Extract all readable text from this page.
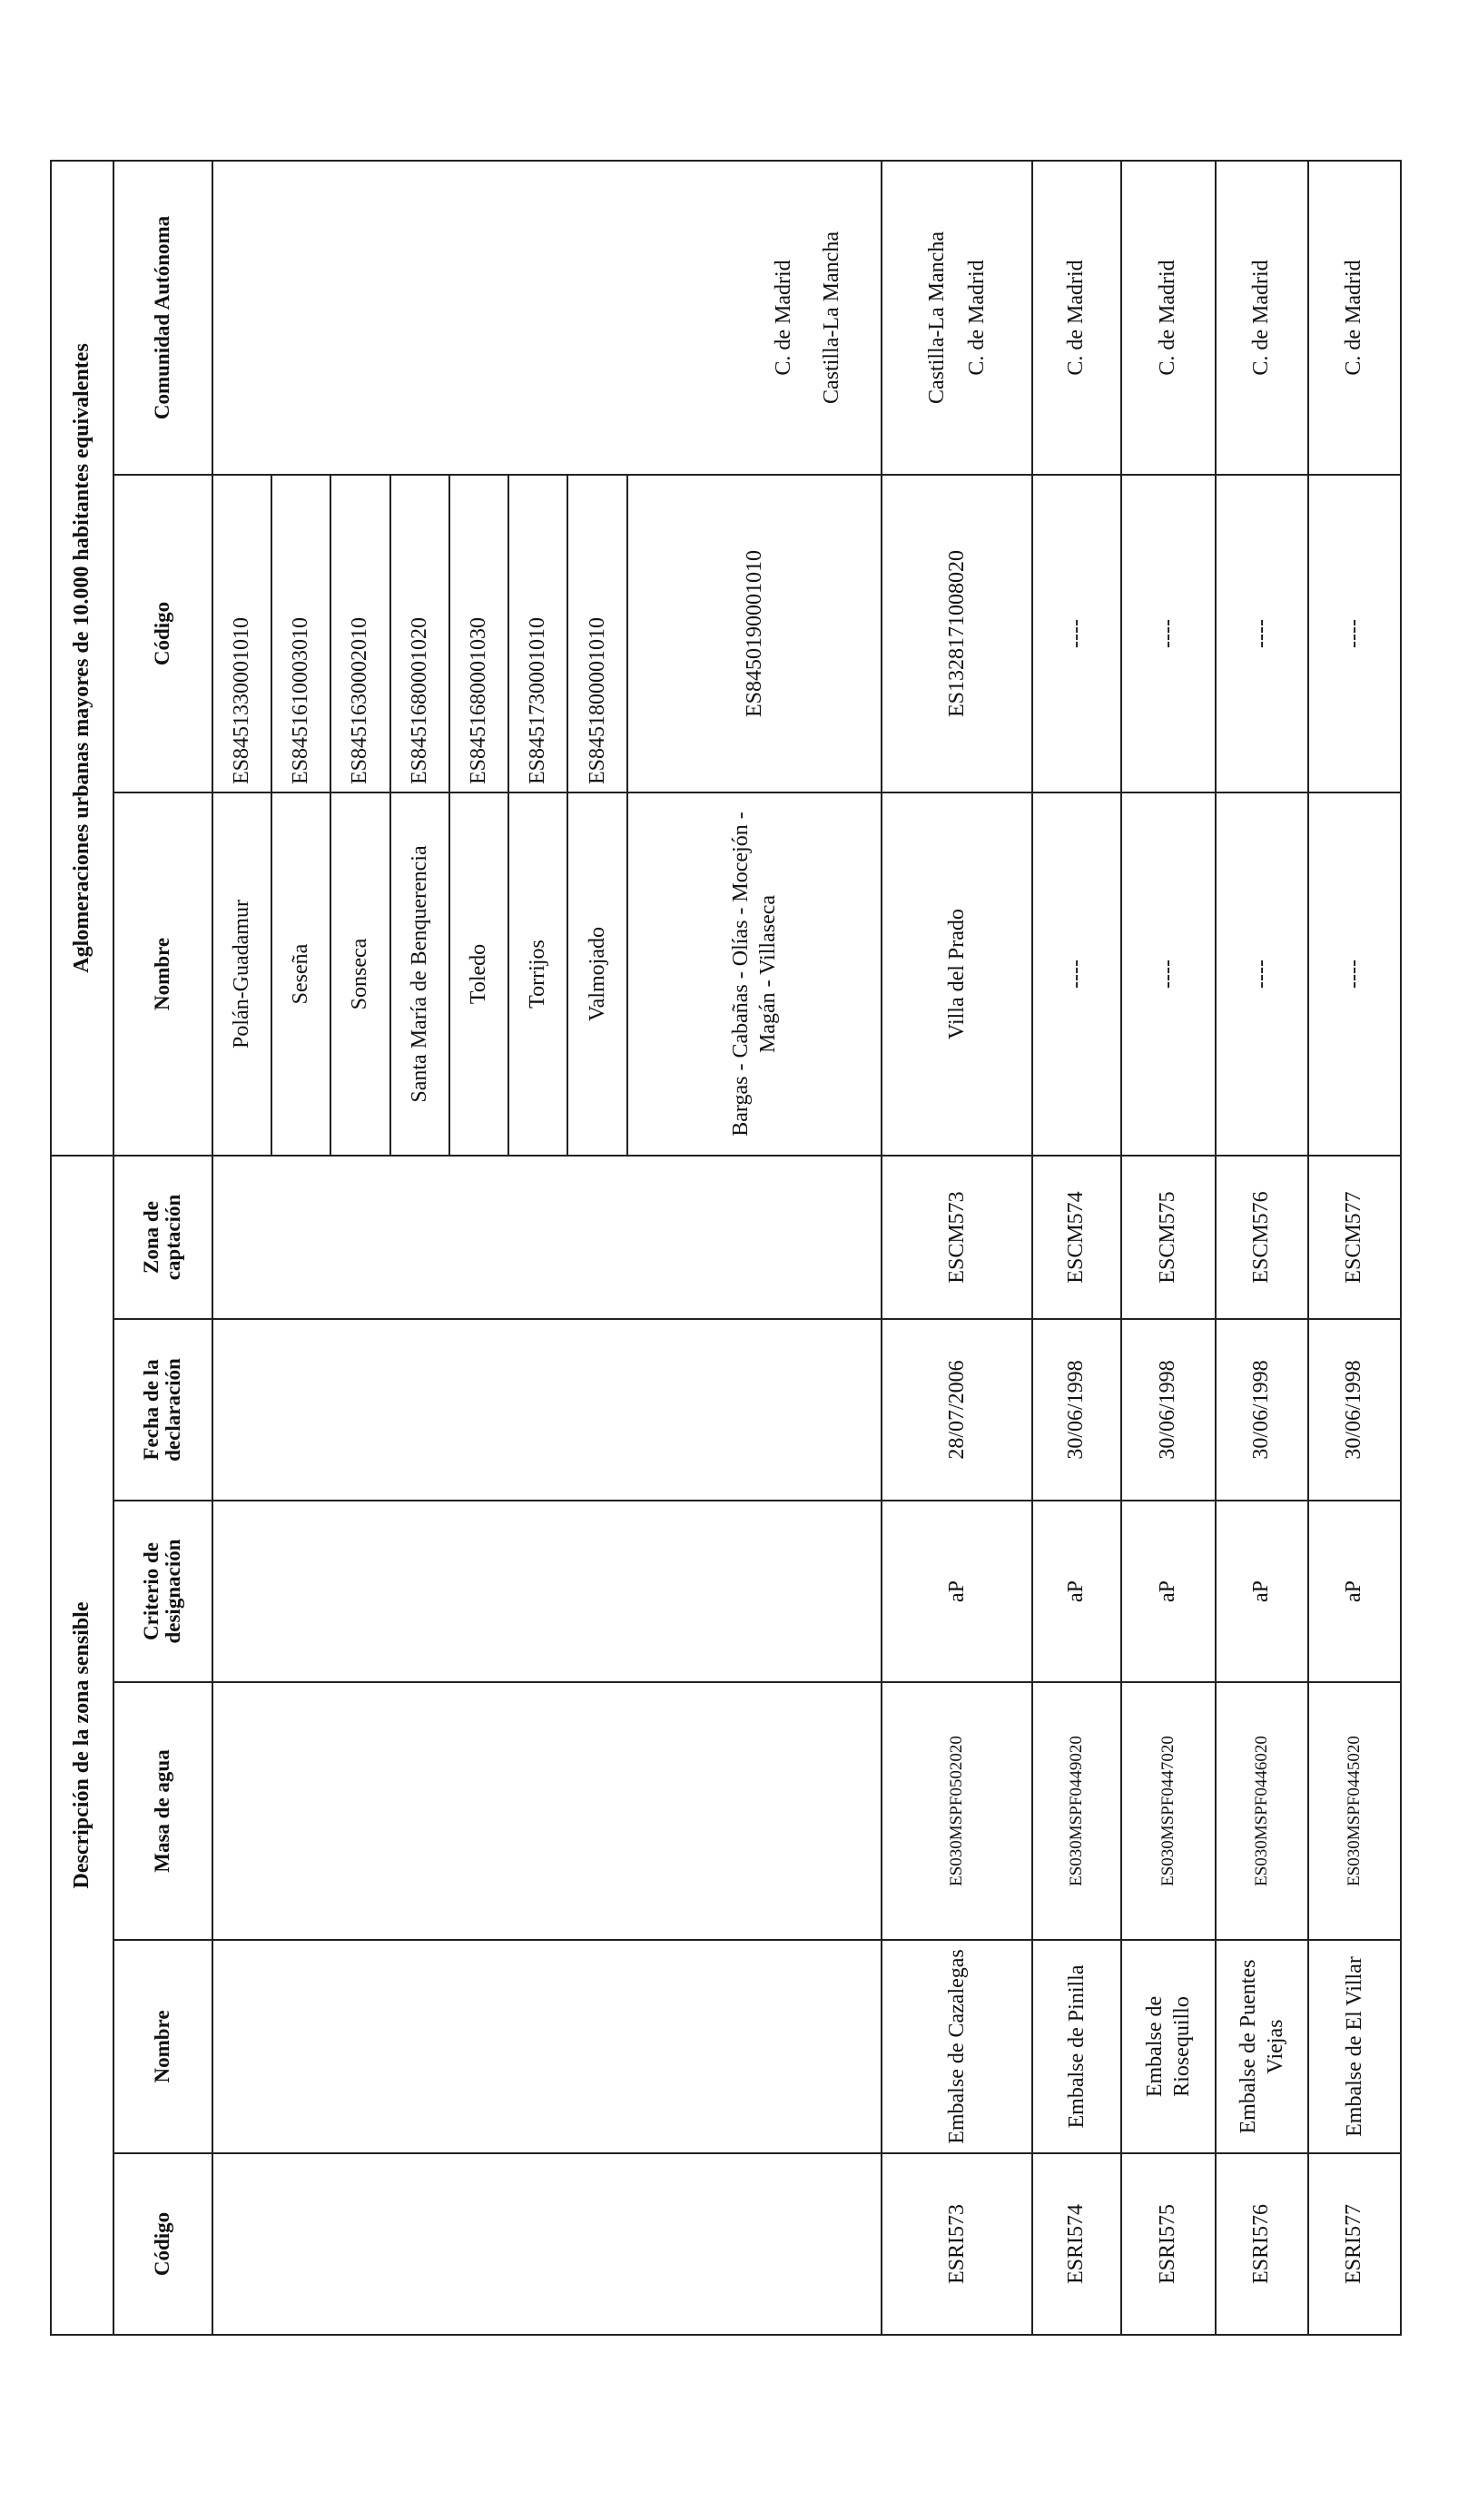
Descripción de la zona sensible						Aglomeraciones urbanas mayores de 10.000 habitantes equivalentes		
Código	Nombre	Masa de agua	Criterio de designación	Fecha de la declaración	Zona de captación	Nombre	Código	Comunidad Autónoma
						Polán-Guadamur	ES8451330001010	C. de Madrid Castilla-La Mancha

						Seseña	ES8451610003010	
						Sonseca	ES8451630002010	
						Santa María de Benquerencia	ES8451680001020	
						Toledo	ES8451680001030	
						Torrijos	ES8451730001010	
						Valmojado	ES8451800001010	
						Bargas - Cabañas - Olías - Mocejón - Magán - Villaseca	ES8450190001010	
ESRI573	Embalse de Cazalegas	ES030MSPF0502020	aP	28/07/2006	ESCM573	Villa del Prado	ES1328171008020	Castilla-La Mancha C. de Madrid

ESRI574	Embalse de Pinilla	ES030MSPF0449020	aP	30/06/1998	ESCM574	----	----	C. de Madrid
ESRI575	Embalse de Riosequillo	ES030MSPF0447020	aP	30/06/1998	ESCM575	----	----	C. de Madrid
ESRI576	Embalse de Puentes Viejas	ES030MSPF0446020	aP	30/06/1998	ESCM576	----	----	C. de Madrid
ESRI577	Embalse de El Villar	ES030MSPF0445020	aP	30/06/1998	ESCM577	----	----	C. de Madrid
